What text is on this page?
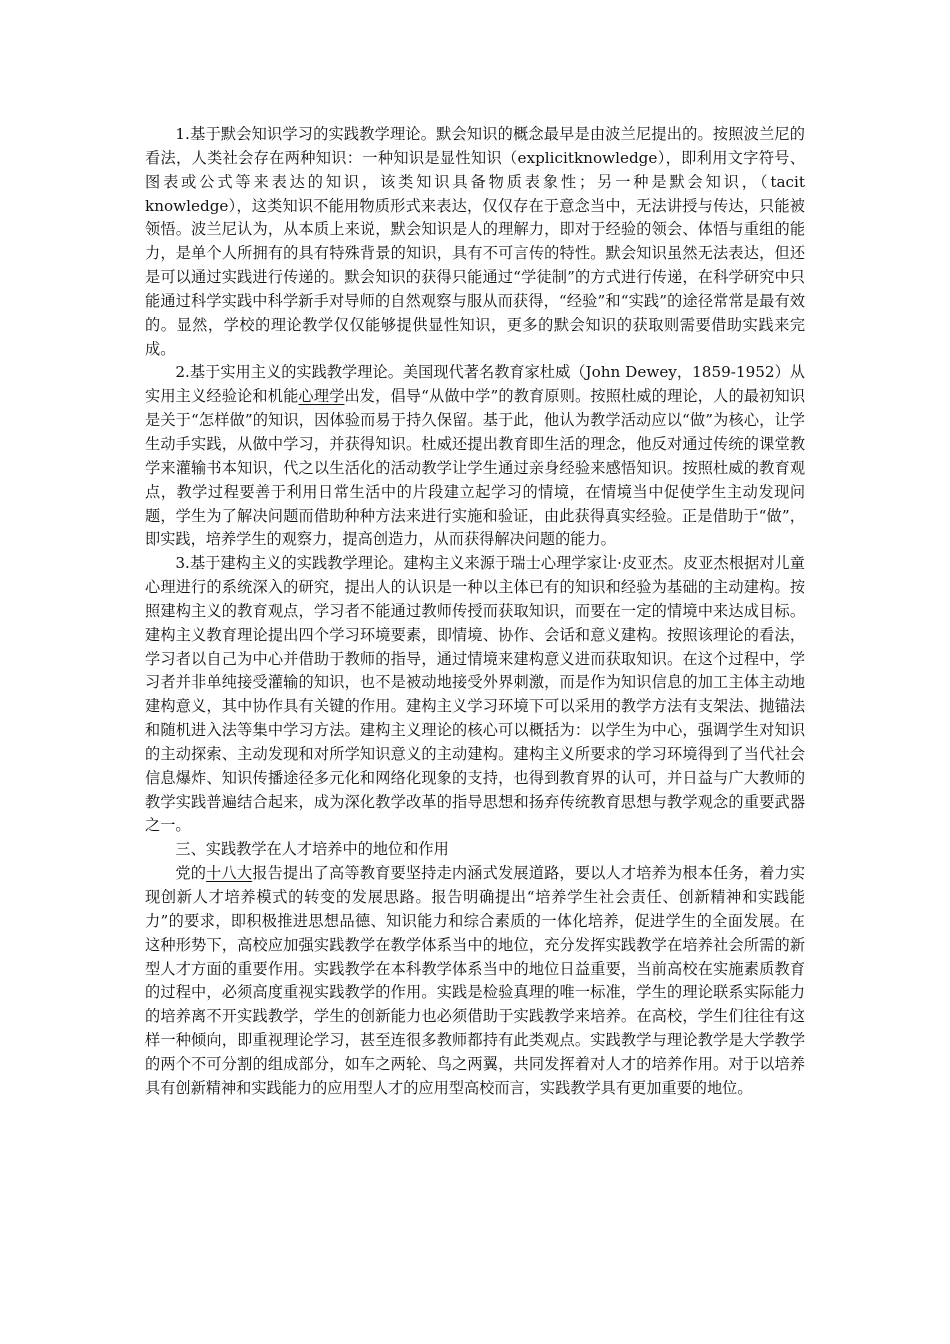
1.基于默会知识学习的实践教学理论。默会知识的概念最早是由波兰尼提出的。按照波兰尼的看法，人类社会存在两种知识：一种知识是显性知识（explicitknowledge），即利用文字符号、图表或公式等来表达的知识，该类知识具备物质表象性；另一种是默会知识，（tacit knowledge），这类知识不能用物质形式来表达，仅仅存在于意念当中，无法讲授与传达，只能被领悟。波兰尼认为，从本质上来说，默会知识是人的理解力，即对于经验的领会、体悟与重组的能力，是单个人所拥有的具有特殊背景的知识，具有不可言传的特性。默会知识虽然无法表达，但还是可以通过实践进行传递的。默会知识的获得只能通过“学徒制”的方式进行传递，在科学研究中只能通过科学实践中科学新手对导师的自然观察与服从而获得，“经验”和“实践”的途径常常是最有效的。显然，学校的理论教学仅仅能够提供显性知识，更多的默会知识的获取则需要借助实践来完成。

2.基于实用主义的实践教学理论。美国现代著名教育家杜威（John Dewey，1859-1952）从实用主义经验论和机能心理学出发，倡导“从做中学”的教育原则。按照杜威的理论，人的最初知识是关于“怎样做”的知识，因体验而易于持久保留。基于此，他认为教学活动应以“做”为核心，让学生动手实践，从做中学习，并获得知识。杜威还提出教育即生活的理念，他反对通过传统的课堂教学来灌输书本知识，代之以生活化的活动教学让学生通过亲身经验来感悟知识。按照杜威的教育观点，教学过程要善于利用日常生活中的片段建立起学习的情境，在情境当中促使学生主动发现问题，学生为了解决问题而借助种种方法来进行实施和验证，由此获得真实经验。正是借助于“做”，即实践，培养学生的观察力，提高创造力，从而获得解决问题的能力。

3.基于建构主义的实践教学理论。建构主义来源于瑞士心理学家让·皮亚杰。皮亚杰根据对儿童心理进行的系统深入的研究，提出人的认识是一种以主体已有的知识和经验为基础的主动建构。按照建构主义的教育观点，学习者不能通过教师传授而获取知识，而要在一定的情境中来达成目标。建构主义教育理论提出四个学习环境要素，即情境、协作、会话和意义建构。按照该理论的看法，学习者以自己为中心并借助于教师的指导，通过情境来建构意义进而获取知识。在这个过程中，学习者并非单纯接受灌输的知识，也不是被动地接受外界刺激，而是作为知识信息的加工主体主动地建构意义，其中协作具有关键的作用。建构主义学习环境下可以采用的教学方法有支架法、抛锚法和随机进入法等集中学习方法。建构主义理论的核心可以概括为：以学生为中心，强调学生对知识的主动探索、主动发现和对所学知识意义的主动建构。建构主义所要求的学习环境得到了当代社会信息爆炸、知识传播途径多元化和网络化现象的支持，也得到教育界的认可，并日益与广大教师的教学实践普遍结合起来，成为深化教学改革的指导思想和扬弃传统教育思想与教学观念的重要武器之一。

三、实践教学在人才培养中的地位和作用

党的十八大报告提出了高等教育要坚持走内涵式发展道路，要以人才培养为根本任务，着力实现创新人才培养模式的转变的发展思路。报告明确提出“培养学生社会责任、创新精神和实践能力”的要求，即积极推进思想品德、知识能力和综合素质的一体化培养，促进学生的全面发展。在这种形势下，高校应加强实践教学在教学体系当中的地位，充分发挥实践教学在培养社会所需的新型人才方面的重要作用。实践教学在本科教学体系当中的地位日益重要，当前高校在实施素质教育的过程中，必须高度重视实践教学的作用。实践是检验真理的唯一标准，学生的理论联系实际能力的培养离不开实践教学，学生的创新能力也必须借助于实践教学来培养。在高校，学生们往往有这样一种倾向，即重视理论学习，甚至连很多教师都持有此类观点。实践教学与理论教学是大学教学的两个不可分割的组成部分，如车之两轮、鸟之两翼，共同发挥着对人才的培养作用。对于以培养具有创新精神和实践能力的应用型人才的应用型高校而言，实践教学具有更加重要的地位。
